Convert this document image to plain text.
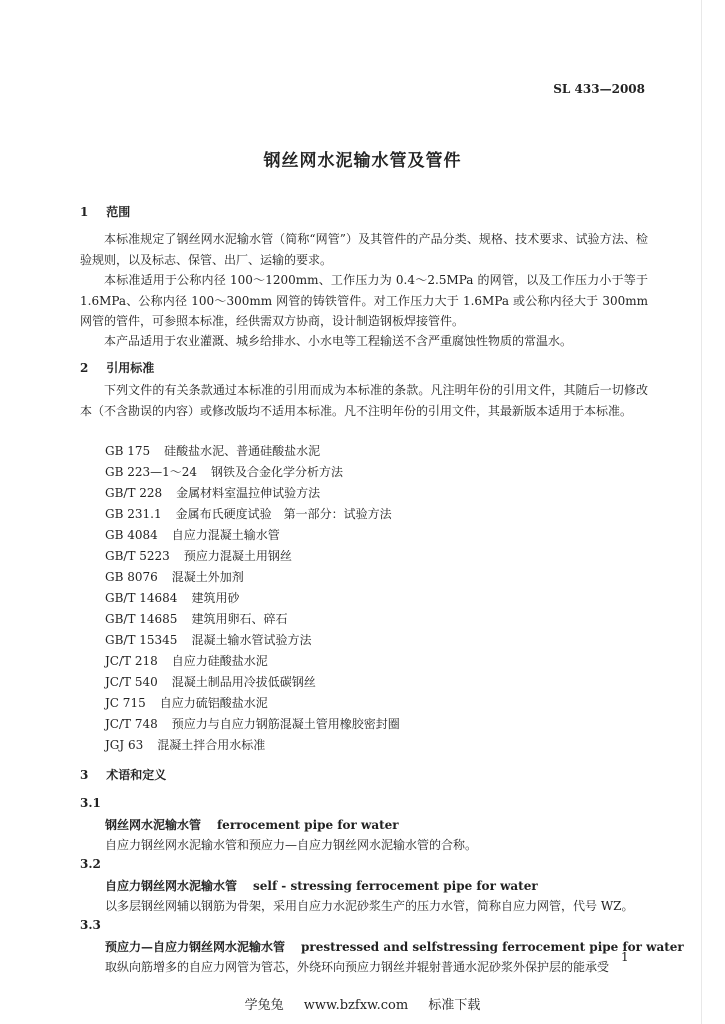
SL 433—2008
钢丝网水泥输水管及管件
1 范围
本标准规定了钢丝网水泥输水管（简称“网管”）及其管件的产品分类、规格、技术要求、试验方法、检验规则，以及标志、保管、出厂、运输的要求。
本标准适用于公称内径 100～1200mm、工作压力为 0.4～2.5MPa 的网管，以及工作压力小于等于 1.6MPa、公称内径 100～300mm 网管的铸铁管件。对工作压力大于 1.6MPa 或公称内径大于 300mm 网管的管件，可参照本标准，经供需双方协商，设计制造钢板焊接管件。
本产品适用于农业灌溉、城乡给排水、小水电等工程输送不含严重腐蚀性物质的常温水。
2 引用标准
下列文件的有关条款通过本标准的引用而成为本标准的条款。凡注明年份的引用文件，其随后一切修改本（不含勘误的内容）或修改版均不适用本标准。凡不注明年份的引用文件，其最新版本适用于本标准。
GB 175 硅酸盐水泥、普通硅酸盐水泥
GB 223—1～24 钢铁及合金化学分析方法
GB/T 228 金属材料室温拉伸试验方法
GB 231.1 金属布氏硬度试验　第一部分：试验方法
GB 4084 自应力混凝土输水管
GB/T 5223 预应力混凝土用钢丝
GB 8076 混凝土外加剂
GB/T 14684 建筑用砂
GB/T 14685 建筑用卵石、碎石
GB/T 15345 混凝土输水管试验方法
JC/T 218 自应力硅酸盐水泥
JC/T 540 混凝土制品用冷拔低碳钢丝
JC 715 自应力硫铝酸盐水泥
JC/T 748 预应力与自应力钢筋混凝土管用橡胶密封圈
JGJ 63 混凝土拌合用水标准
3 术语和定义
3.1
钢丝网水泥输水管 ferrocement pipe for water
自应力钢丝网水泥输水管和预应力—自应力钢丝网水泥输水管的合称。
3.2
自应力钢丝网水泥输水管 self - stressing ferrocement pipe for water
以多层钢丝网辅以钢筋为骨架，采用自应力水泥砂浆生产的压力水管，简称自应力网管，代号 WZ。
3.3
预应力—自应力钢丝网水泥输水管 prestressed and selfstressing ferrocement pipe for water
取纵向筋增多的自应力网管为管芯，外绕环向预应力钢丝并辊射普通水泥砂浆外保护层的能承受
1
学兔兔 www.bzfxw.com 标准下载
